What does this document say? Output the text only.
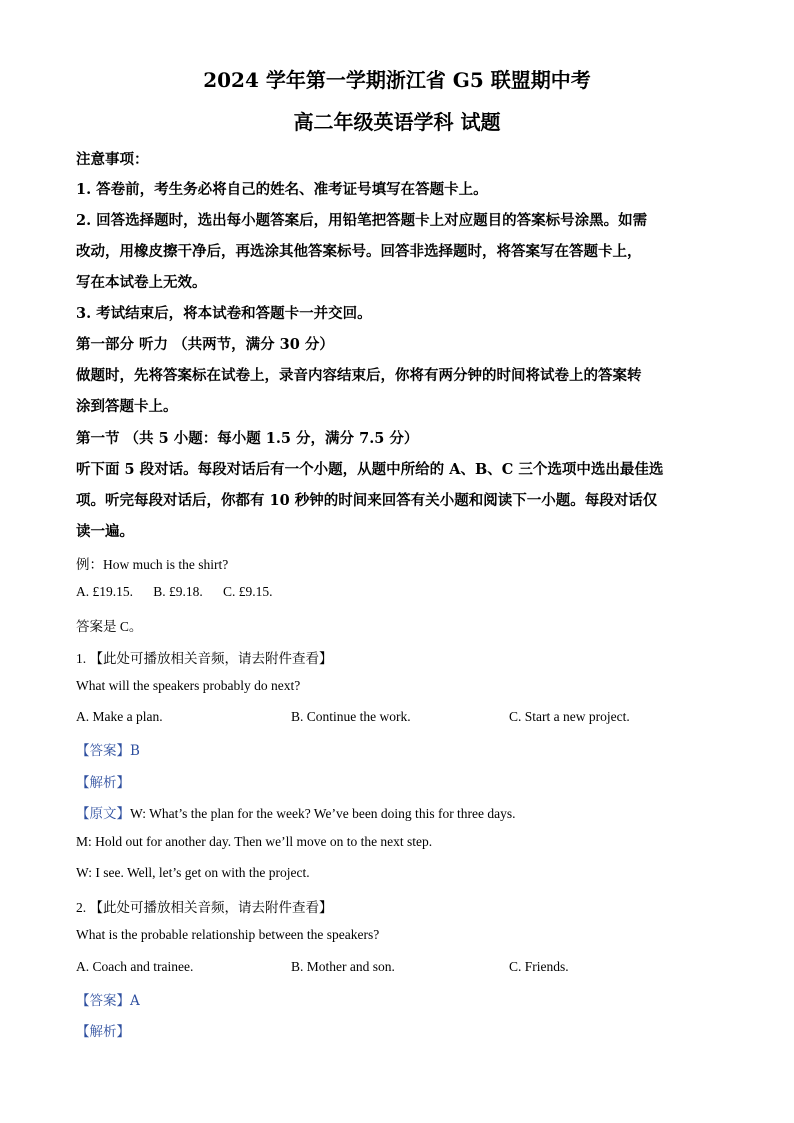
2024 学年第一学期浙江省 G5 联盟期中考
高二年级英语学科 试题
注意事项：
1. 答卷前，考生务必将自己的姓名、准考证号填写在答题卡上。
2. 回答选择题时，选出每小题答案后，用铅笔把答题卡上对应题目的答案标号涂黑。如需
改动，用橡皮擦干净后，再选涂其他答案标号。回答非选择题时，将答案写在答题卡上，
写在本试卷上无效。
3. 考试结束后，将本试卷和答题卡一并交回。
第一部分 听力 （共两节，满分 30 分）
做题时，先将答案标在试卷上，录音内容结束后，你将有两分钟的时间将试卷上的答案转
涂到答题卡上。
第一节 （共 5 小题：每小题 1.5 分，满分 7.5 分）
听下面 5 段对话。每段对话后有一个小题，从题中所给的 A、B、C 三个选项中选出最佳选
项。听完每段对话后，你都有 10 秒钟的时间来回答有关小题和阅读下一小题。每段对话仅
读一遍。
例：How much is the shirt?
A. £19.15.      B. £9.18.      C. £9.15.
答案是 C。
1. 【此处可播放相关音频，请去附件查看】
What will the speakers probably do next?
A. Make a plan.	B. Continue the work.	C. Start a new project.
【答案】B
【解析】
【原文】W: What’s the plan for the week? We’ve been doing this for three days.
M: Hold out for another day. Then we’ll move on to the next step.
W: I see. Well, let’s get on with the project.
2. 【此处可播放相关音频，请去附件查看】
What is the probable relationship between the speakers?
A. Coach and trainee.	B. Mother and son.	C. Friends.
【答案】A
【解析】
